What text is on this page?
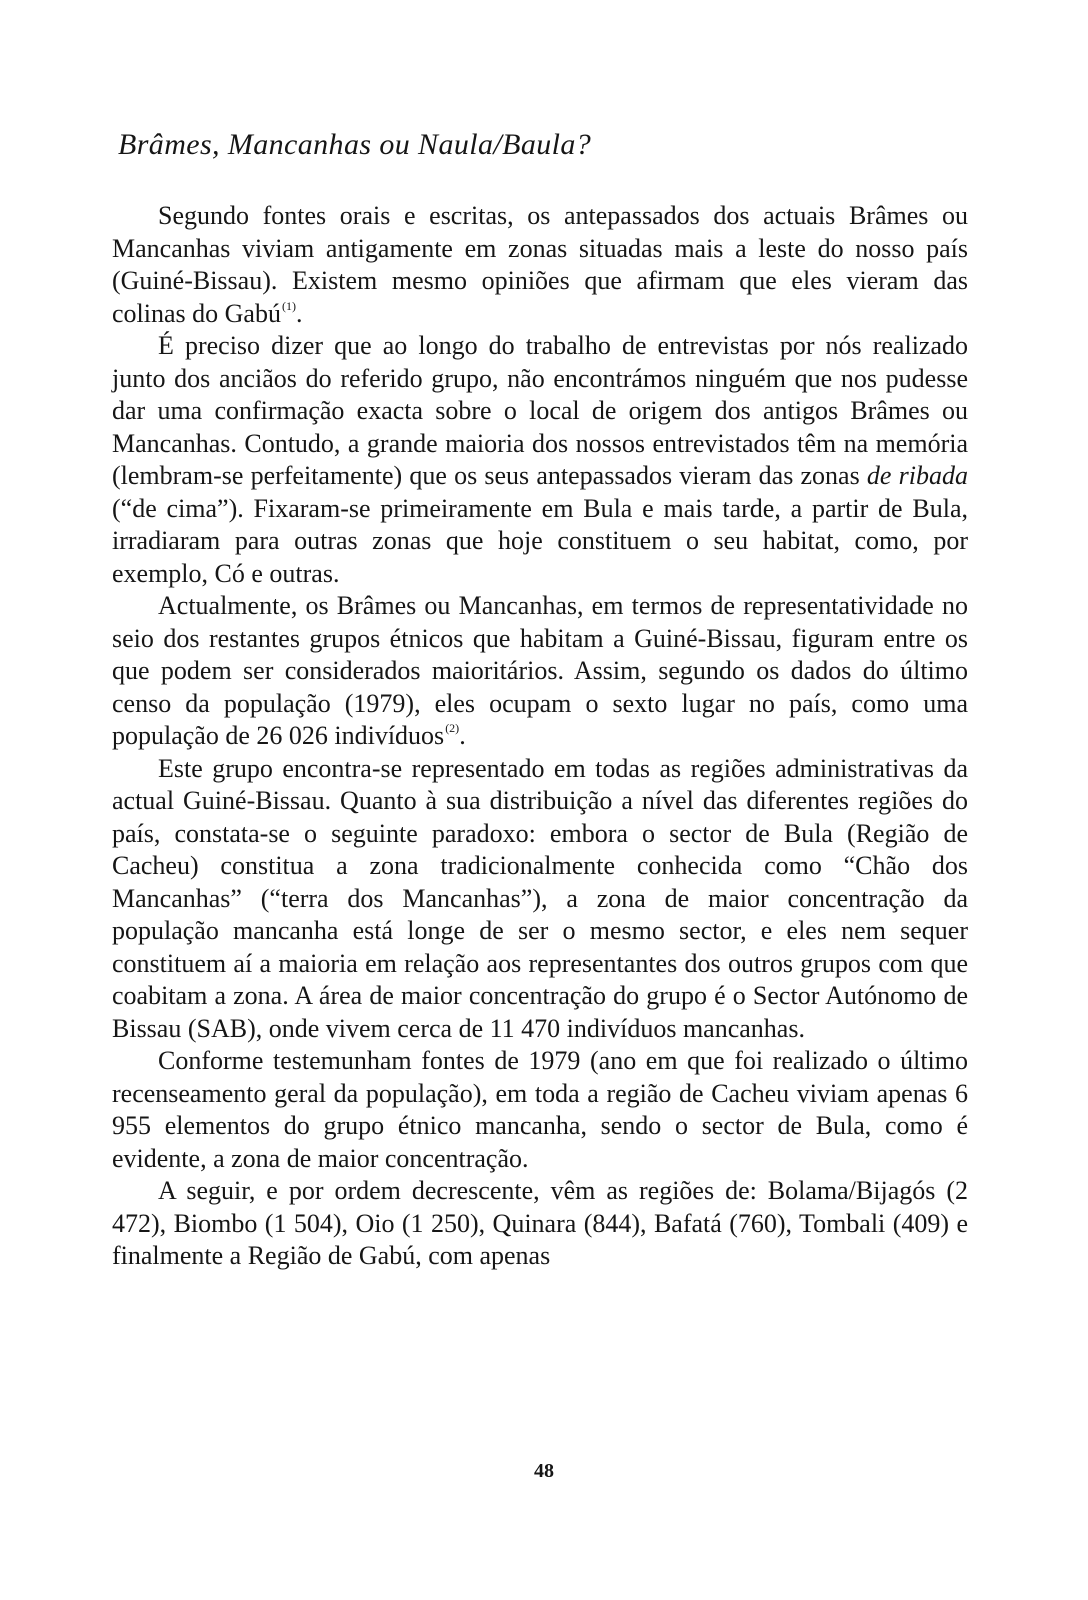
Brâmes, Mancanhas ou Naula/Baula?

Segundo fontes orais e escritas, os antepassados dos actuais Brâmes ou Mancanhas viviam antigamente em zonas situadas mais a leste do nosso país (Guiné-Bissau). Existem mesmo opiniões que afirmam que eles vieram das colinas do Gabú$^{(1)}$.

É preciso dizer que ao longo do trabalho de entrevistas por nós realizado junto dos anciãos do referido grupo, não encontrámos ninguém que nos pudesse dar uma confirmação exacta sobre o local de origem dos antigos Brâmes ou Mancanhas. Contudo, a grande maioria dos nossos entrevistados têm na memória (lembram-se perfeitamente) que os seus antepassados vieram das zonas de ribada (“de cima”). Fixaram-se primeiramente em Bula e mais tarde, a partir de Bula, irradiaram para outras zonas que hoje constituem o seu habitat, como, por exemplo, Có e outras.

Actualmente, os Brâmes ou Mancanhas, em termos de representatividade no seio dos restantes grupos étnicos que habitam a Guiné-Bissau, figuram entre os que podem ser considerados maioritários. Assim, segundo os dados do último censo da população (1979), eles ocupam o sexto lugar no país, como uma população de 26 026 indivíduos$^{(2)}$.

Este grupo encontra-se representado em todas as regiões administrativas da actual Guiné-Bissau. Quanto à sua distribuição a nível das diferentes regiões do país, constata-se o seguinte paradoxo: embora o sector de Bula (Região de Cacheu) constitua a zona tradicionalmente conhecida como “Chão dos Mancanhas” (“terra dos Mancanhas”), a zona de maior concentração da população mancanha está longe de ser o mesmo sector, e eles nem sequer constituem aí a maioria em relação aos representantes dos outros grupos com que coabitam a zona. A área de maior concentração do grupo é o Sector Autónomo de Bissau (SAB), onde vivem cerca de 11 470 indivíduos mancanhas.

Conforme testemunham fontes de 1979 (ano em que foi realizado o último recenseamento geral da população), em toda a região de Cacheu viviam apenas 6 955 elementos do grupo étnico mancanha, sendo o sector de Bula, como é evidente, a zona de maior concentração.

A seguir, e por ordem decrescente, vêm as regiões de: Bolama/Bijagós (2 472), Biombo (1 504), Oio (1 250), Quinara (844), Bafatá (760), Tombali (409) e finalmente a Região de Gabú, com apenas

48
